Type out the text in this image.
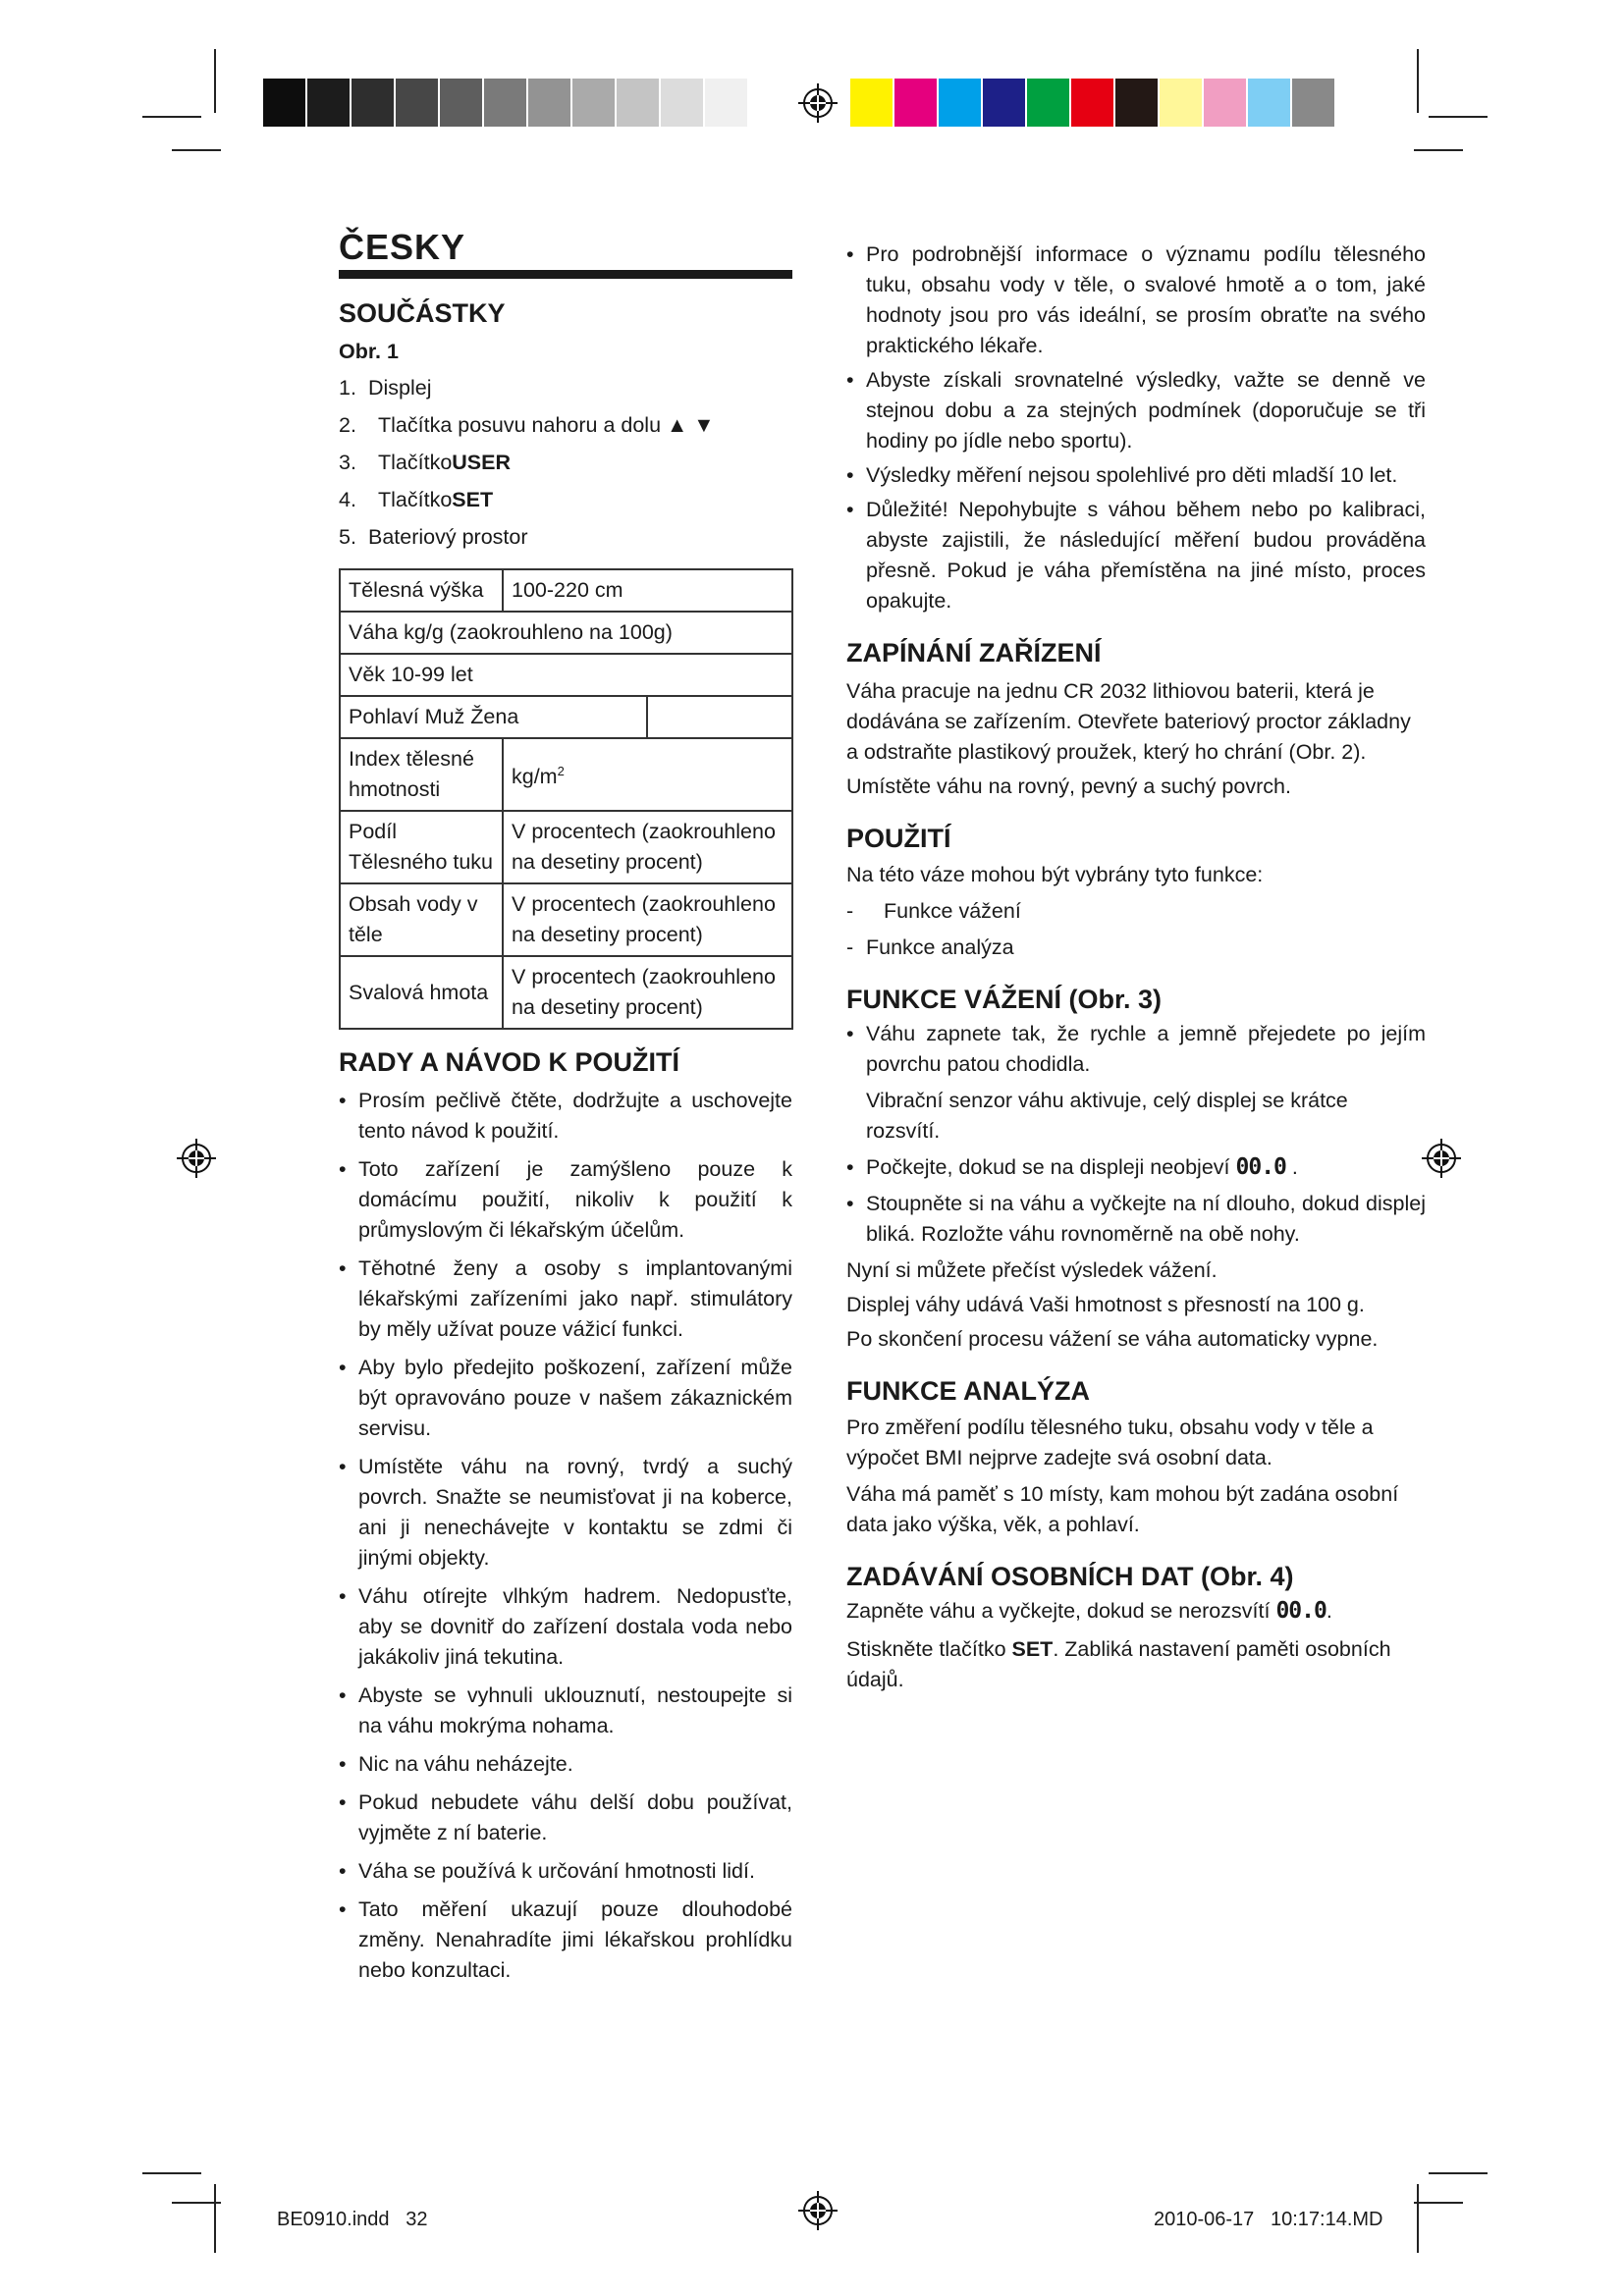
ČESKY

SOUČÁSTKY

Obr. 1

1. Displej
2.	Tlačítka posuvu nahoru a dolu ▲ ▼
3.	Tlačítko USER
4.	Tlačítko SET
5. Bateriový prostor
Tělesná výška	100-220 cm	
Váha kg/g (zaokrouhleno na 100g)		
Věk 10-99 let		
Pohlaví Muž Žena		
Index tělesné hmotnosti	$kg/m^2$
Podíl Tělesného tuku	V procentech (zaokrouhleno na desetiny procent)	
Obsah vody v těle	V procentech (zaokrouhleno na desetiny procent)	
Svalová hmota	V procentech (zaokrouhleno na desetiny procent)	

RADY A NÁVOD K POUŽITÍ

• Prosím pečlivě čtěte, dodržujte a uschovejte tento návod k použití.
• Toto zařízení je zamýšleno pouze k domácímu použití, nikoliv k použití k průmyslovým či lékařským účelům.
• Těhotné ženy a osoby s implantovanými lékařskými zařízeními jako např. stimulátory by měly užívat pouze vážicí funkci.
• Aby bylo předejito poškození, zařízení může být opravováno pouze v našem zákaznickém servisu.
• Umístěte váhu na rovný, tvrdý a suchý povrch. Snažte se neumisťovat ji na koberce, ani ji nenechávejte v kontaktu se zdmi či jinými objekty.
• Váhu otírejte vlhkým hadrem. Nedopusťte, aby se dovnitř do zařízení dostala voda nebo jakákoliv jiná tekutina.
• Abyste se vyhnuli uklouznutí, nestoupejte si na váhu mokrýma nohama.
• Nic na váhu neházejte.
• Pokud nebudete váhu delší dobu používat, vyjměte z ní baterie.
• Váha se používá k určování hmotnosti lidí.
• Tato měření ukazují pouze dlouhodobé změny. Nenahradíte jimi lékařskou prohlídku nebo konzultaci.
• Pro podrobnější informace o významu podílu tělesného tuku, obsahu vody v těle, o svalové hmotě a o tom, jaké hodnoty jsou pro vás ideální, se prosím obraťte na svého praktického lékaře.
• Abyste získali srovnatelné výsledky, važte se denně ve stejnou dobu a za stejných podmínek (doporučuje se tři hodiny po jídle nebo sportu).
• Výsledky měření nejsou spolehlivé pro děti mladší 10 let.
• Důležité! Nepohybujte s váhou během nebo po kalibraci, abyste zajistili, že následující měření budou prováděna přesně. Pokud je váha přemístěna na jiné místo, proces opakujte.

ZAPÍNÁNÍ ZAŘÍZENÍ

Váha pracuje na jednu CR 2032 lithiovou baterii, která je dodávána se zařízením. Otevřete bateriový proctor základny a odstraňte plastikový proužek, který ho chrání (Obr. 2).

Umístěte váhu na rovný, pevný a suchý povrch.

POUŽITÍ

Na této váze mohou být vybrány tyto funkce:

-	Funkce vážení
- Funkce analýza

FUNKCE VÁŽENÍ (Obr. 3)

• Váhu zapnete tak, že rychle a jemně přejedete po jejím povrchu patou chodidla.

Vibrační senzor váhu aktivuje, celý displej se krátce rozsvítí.

• Počkejte, dokud se na displeji neobjeví 00.0 .
• Stoupněte si na váhu a vyčkejte na ní dlouho, dokud displej bliká. Rozložte váhu rovnoměrně na obě nohy.

Nyní si můžete přečíst výsledek vážení.

Displej váhy udává Vaši hmotnost s přesností na 100 g.

Po skončení procesu vážení se váha automaticky vypne.

FUNKCE ANALÝZA

Pro změření podílu tělesného tuku, obsahu vody v těle a výpočet BMI nejprve zadejte svá osobní data.

Váha má paměť s 10 místy, kam mohou být zadána osobní data jako výška, věk, a pohlaví.

ZADÁVÁNÍ OSOBNÍCH DAT (Obr. 4)

Zapněte váhu a vyčkejte, dokud se nerozsvítí 00.0.

Stiskněte tlačítko SET. Zabliká nastavení paměti osobních údajů.

BE0910.indd   32	2010-06-17   10:17:14.MD
